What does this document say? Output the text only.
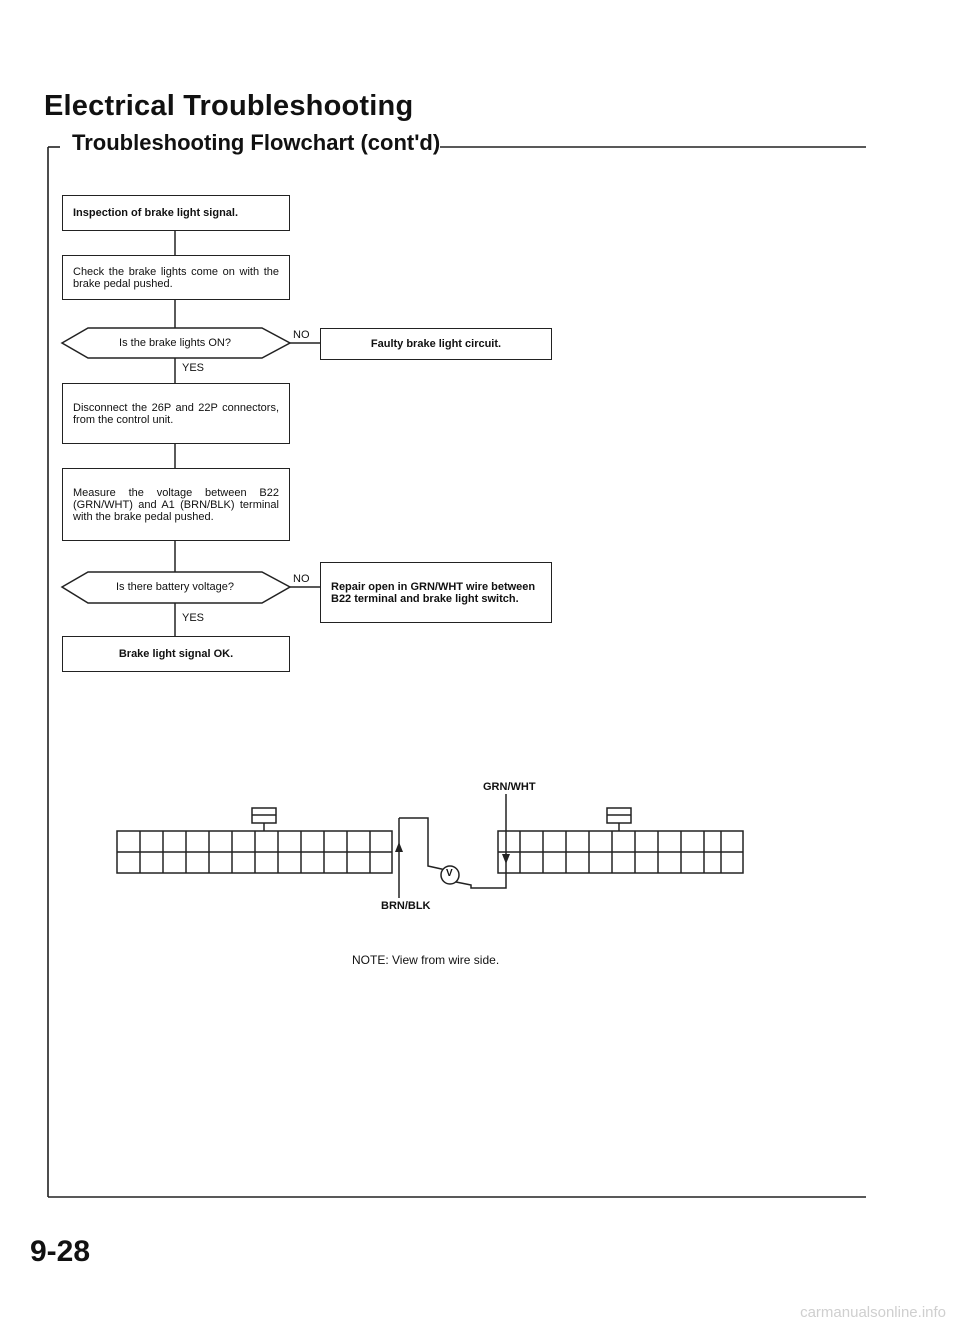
Electrical Troubleshooting
Troubleshooting Flowchart (cont'd)
Inspection of brake light signal.
Check the brake lights come on with the brake pedal pushed.
Is the brake lights ON?	Faulty brake light circuit.
Disconnect the 26P and 22P connectors, from the control unit.
Measure the voltage between B22 (GRN/WHT) and A1 (BRN/BLK) terminal with the brake pedal pushed.
Is there battery voltage?	Repair open in GRN/WHT wire between B22 terminal and brake light switch.
Brake light signal OK.
YES
YES
NO
NO
GRN/WHT
BRN/BLK
V
NOTE: View from wire side.
9-28
carmanualsonline.info
